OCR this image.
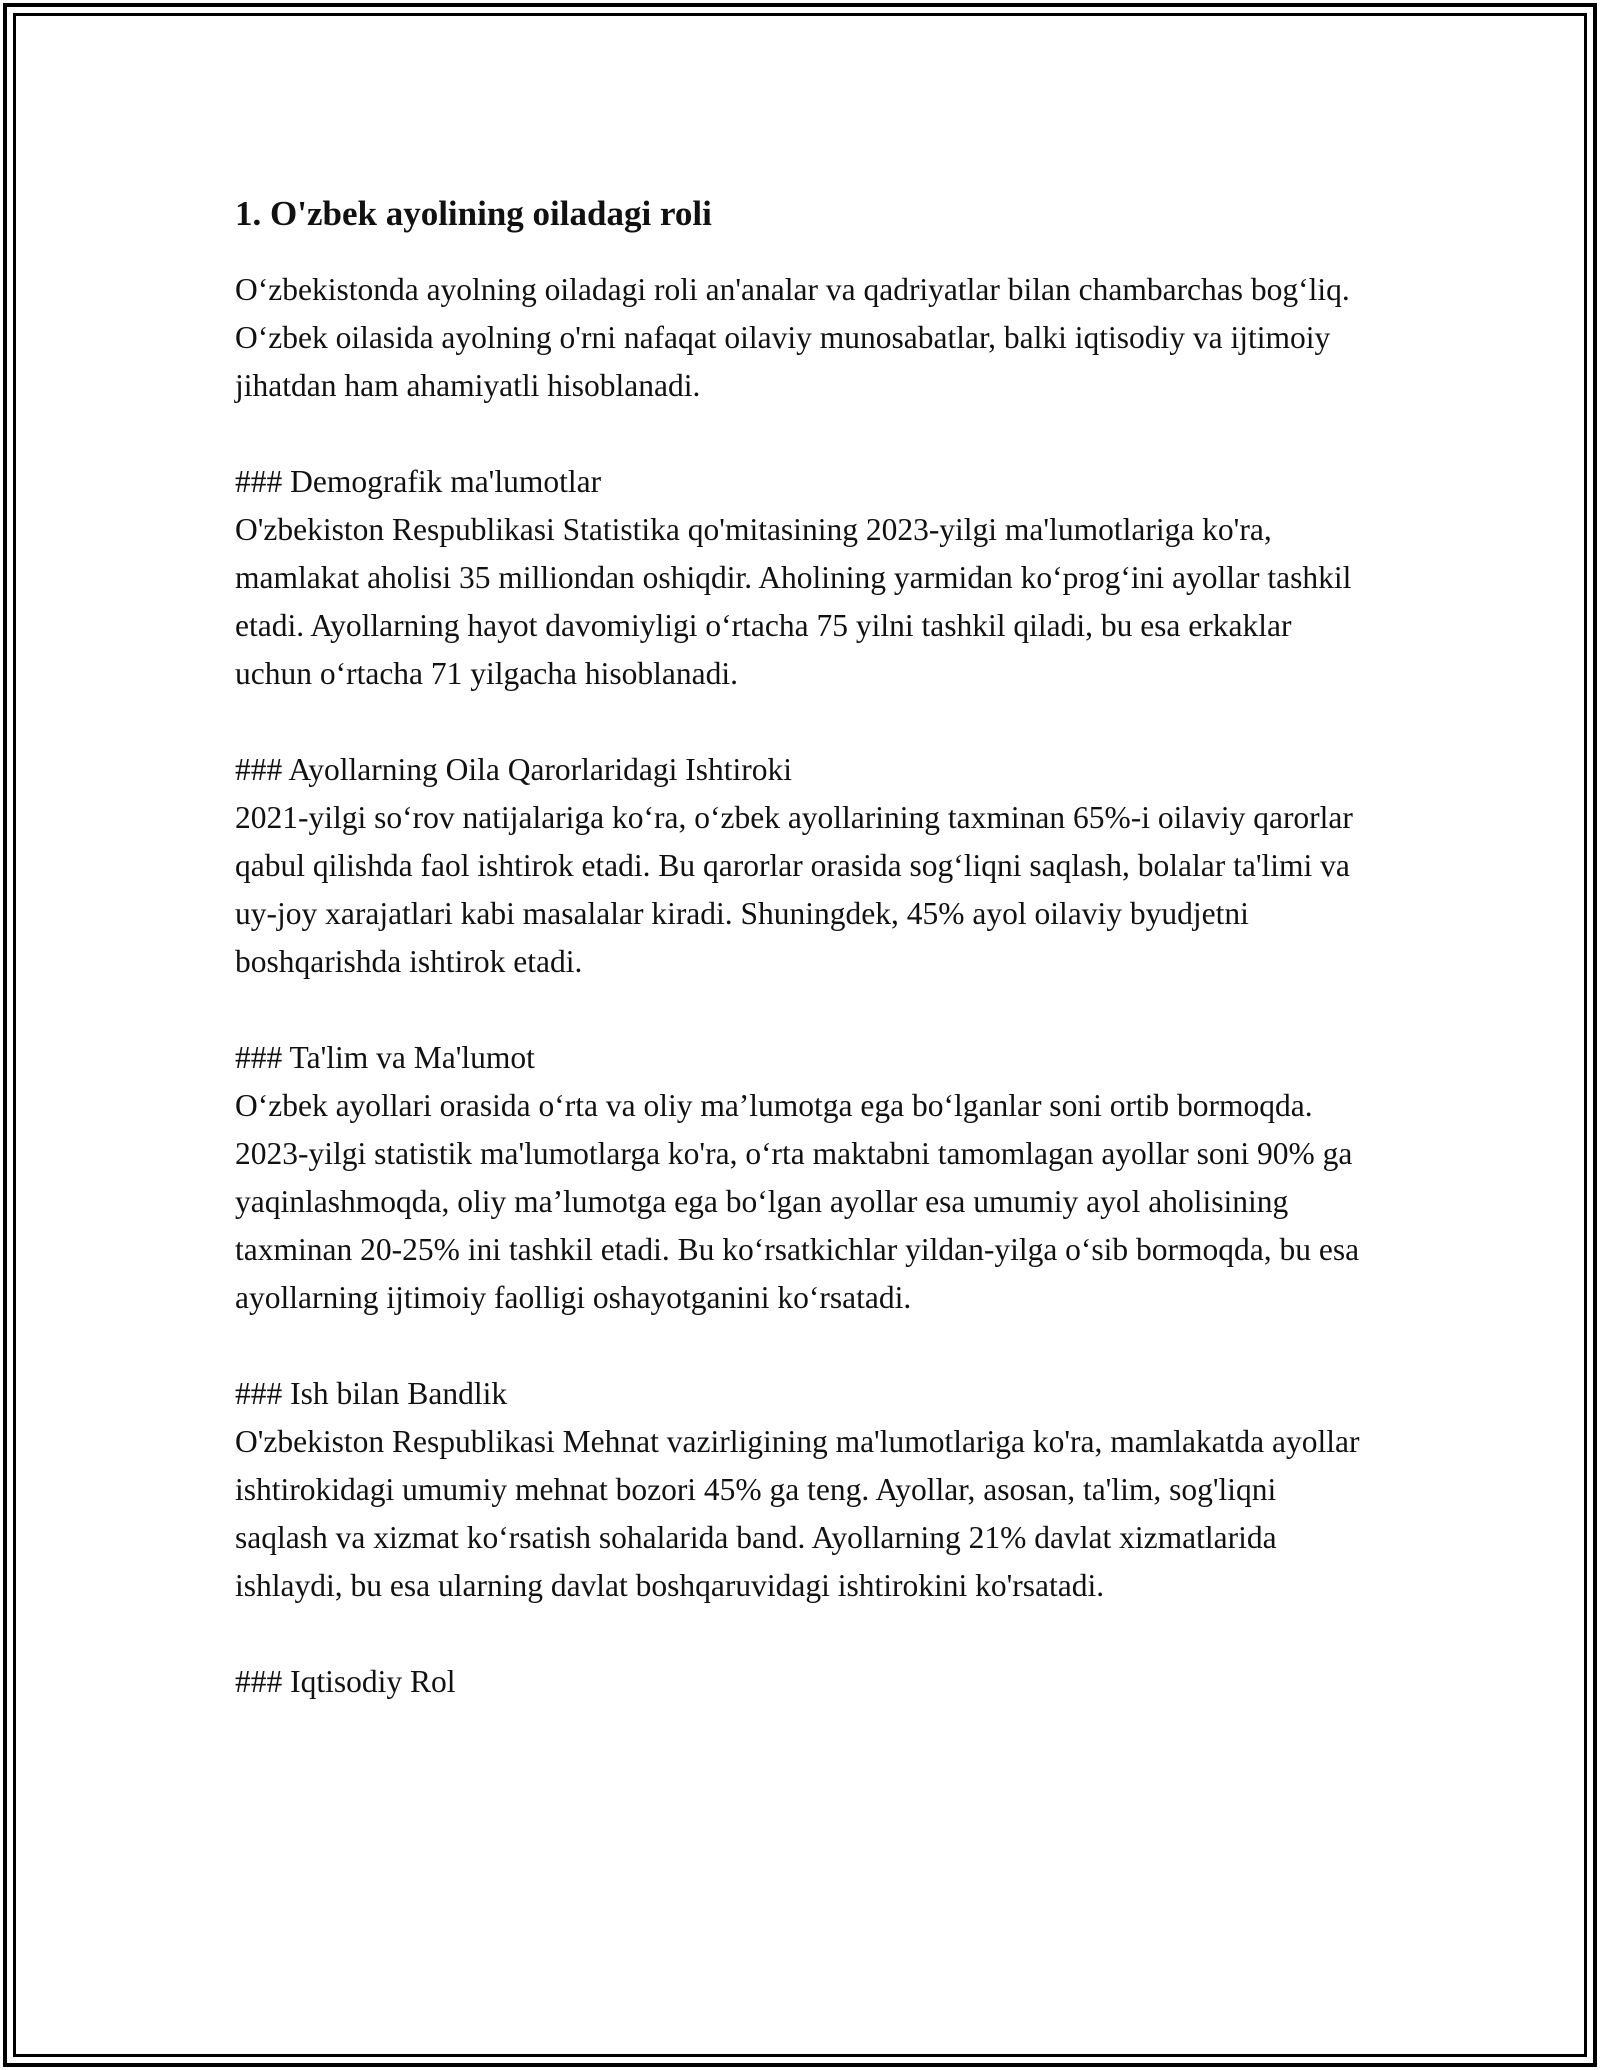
1. O'zbek ayolining oiladagi roli

O‘zbekistonda ayolning oiladagi roli an'analar va qadriyatlar bilan chambarchas bog‘liq. O‘zbek oilasida ayolning o'rni nafaqat oilaviy munosabatlar, balki iqtisodiy va ijtimoiy jihatdan ham ahamiyatli hisoblanadi.

### Demografik ma'lumotlar

O'zbekiston Respublikasi Statistika qo'mitasining 2023-yilgi ma'lumotlariga ko'ra, mamlakat aholisi 35 milliondan oshiqdir. Aholining yarmidan ko‘prog‘ini ayollar tashkil etadi. Ayollarning hayot davomiyligi o‘rtacha 75 yilni tashkil qiladi, bu esa erkaklar uchun o‘rtacha 71 yilgacha hisoblanadi.

### Ayollarning Oila Qarorlaridagi Ishtiroki

2021-yilgi so‘rov natijalariga ko‘ra, o‘zbek ayollarining taxminan 65%-i oilaviy qarorlar qabul qilishda faol ishtirok etadi. Bu qarorlar orasida sog‘liqni saqlash, bolalar ta'limi va uy-joy xarajatlari kabi masalalar kiradi. Shuningdek, 45% ayol oilaviy byudjetni boshqarishda ishtirok etadi.

### Ta'lim va Ma'lumot

O‘zbek ayollari orasida o‘rta va oliy ma’lumotga ega bo‘lganlar soni ortib bormoqda. 2023-yilgi statistik ma'lumotlarga ko'ra, o‘rta maktabni tamomlagan ayollar soni 90% ga yaqinlashmoqda, oliy ma’lumotga ega bo‘lgan ayollar esa umumiy ayol aholisining taxminan 20-25% ini tashkil etadi. Bu ko‘rsatkichlar yildan-yilga o‘sib bormoqda, bu esa ayollarning ijtimoiy faolligi oshayotganini ko‘rsatadi.

### Ish bilan Bandlik

O'zbekiston Respublikasi Mehnat vazirligining ma'lumotlariga ko'ra, mamlakatda ayollar ishtirokidagi umumiy mehnat bozori 45% ga teng. Ayollar, asosan, ta'lim, sog'liqni saqlash va xizmat ko‘rsatish sohalarida band. Ayollarning 21% davlat xizmatlarida ishlaydi, bu esa ularning davlat boshqaruvidagi ishtirokini ko'rsatadi.

### Iqtisodiy Rol
